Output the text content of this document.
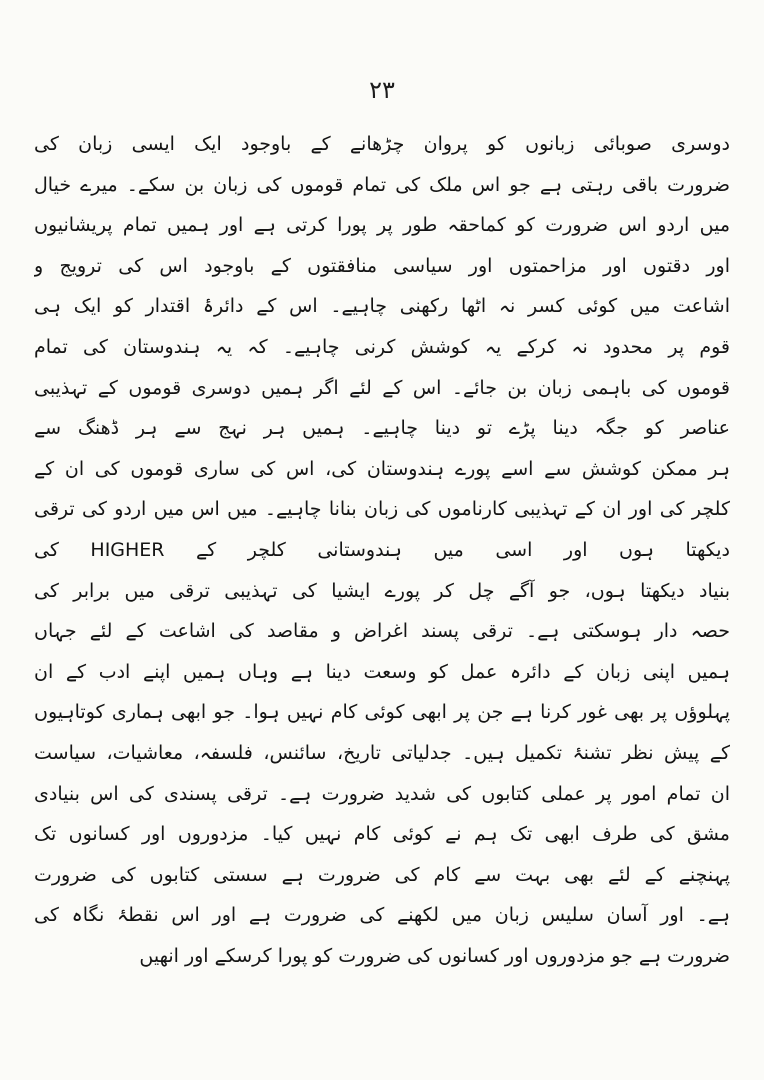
۲۳
دوسری صوبائی زبانوں کو پروان چڑھانے کے باوجود ایک ایسی زبان کی
ضرورت باقی رہتی ہے جو اس ملک کی تمام قوموں کی زبان بن سکے۔ میرے خیال
میں اردو اس ضرورت کو کماحقہ طور پر پورا کرتی ہے اور ہمیں تمام پریشانیوں
اور دقتوں اور مزاحمتوں اور سیاسی منافقتوں کے باوجود اس کی ترویج و
اشاعت میں کوئی کسر نہ اٹھا رکھنی چاہیے۔ اس کے دائرۂ اقتدار کو ایک ہی
قوم پر محدود نہ کرکے یہ کوشش کرنی چاہیے۔ کہ یہ ہندوستان کی تمام
قوموں کی باہمی زبان بن جائے۔ اس کے لئے اگر ہمیں دوسری قوموں کے تہذیبی
عناصر کو جگہ دینا پڑے تو دینا چاہیے۔ ہمیں ہر نہج سے ہر ڈھنگ سے
ہر ممکن کوشش سے اسے پورے ہندوستان کی، اس کی ساری قوموں کی ان کے
کلچر کی اور ان کے تہذیبی کارناموں کی زبان بنانا چاہیے۔ میں اس میں اردو کی ترقی
دیکھتا ہوں اور اسی میں ہندوستانی کلچر کے HIGHER کی
بنیاد دیکھتا ہوں، جو آگے چل کر پورے ایشیا کی تہذیبی ترقی میں برابر کی
حصہ دار ہوسکتی ہے۔ ترقی پسند اغراض و مقاصد کی اشاعت کے لئے جہاں
ہمیں اپنی زبان کے دائرہ عمل کو وسعت دینا ہے وہاں ہمیں اپنے ادب کے ان
پہلوؤں پر بھی غور کرنا ہے جن پر ابھی کوئی کام نہیں ہوا۔ جو ابھی ہماری کوتاہیوں
کے پیش نظر تشنۂ تکمیل ہیں۔ جدلیاتی تاریخ، سائنس، فلسفہ، معاشیات، سیاست
ان تمام امور پر عملی کتابوں کی شدید ضرورت ہے۔ ترقی پسندی کی اس بنیادی
مشق کی طرف ابھی تک ہم نے کوئی کام نہیں کیا۔ مزدوروں اور کسانوں تک
پہنچنے کے لئے بھی بہت سے کام کی ضرورت ہے سستی کتابوں کی ضرورت
ہے۔ اور آسان سلیس زبان میں لکھنے کی ضرورت ہے اور اس نقطۂ نگاہ کی
ضرورت ہے جو مزدوروں اور کسانوں کی ضرورت کو پورا کرسکے اور انھیں
